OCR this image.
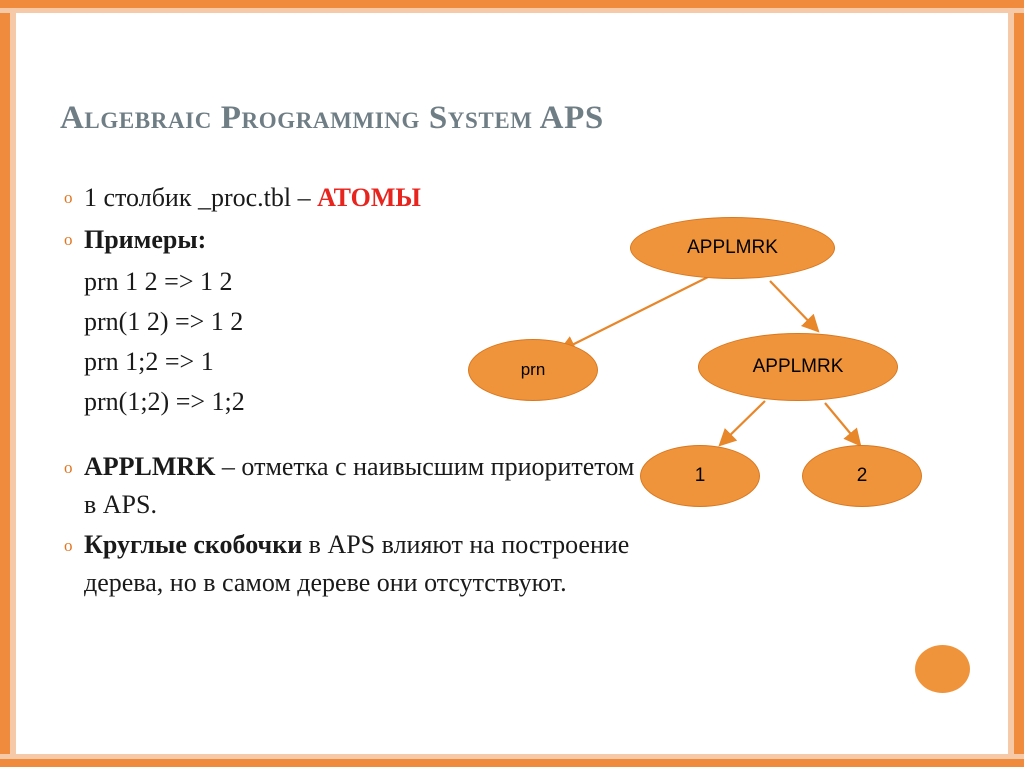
Algebraic Programming System APS
o 1 столбик _proc.tbl – АТОМЫ
o Примеры:
prn 1 2 => 1 2
prn(1 2) => 1 2
prn 1;2 => 1
prn(1;2) => 1;2
o APPLMRK – отметка с наивысшим приоритетом в APS.
o Круглые скобочки в APS влияют на построение дерева, но в самом дереве они отсутствуют.
APPLMRK
prn	APPLMRK
1	2
